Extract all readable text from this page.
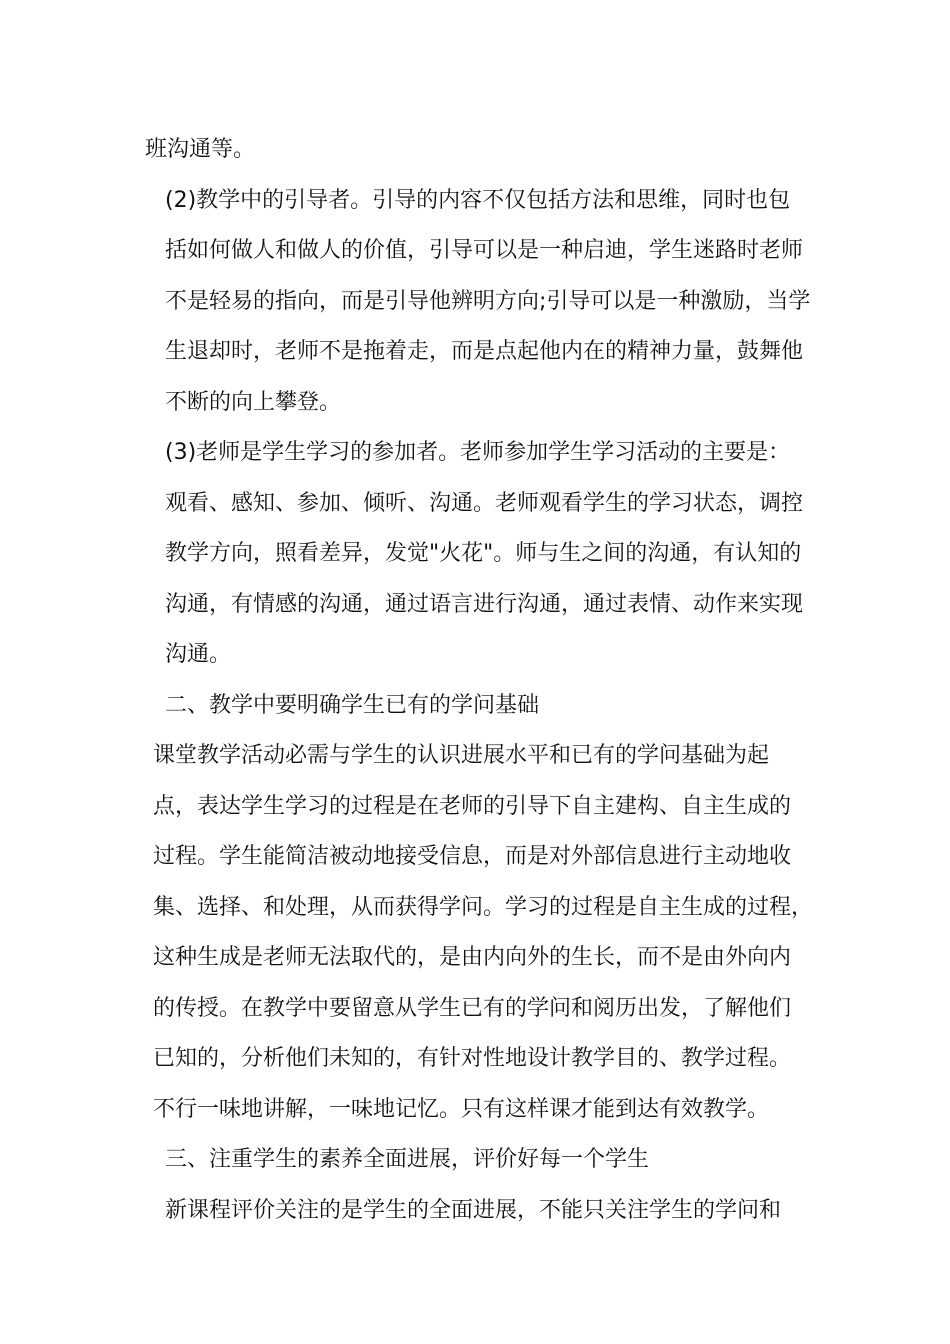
班沟通等。
(2)教学中的引导者。引导的内容不仅包括方法和思维，同时也包
括如何做人和做人的价值，引导可以是一种启迪，学生迷路时老师
不是轻易的指向，而是引导他辨明方向;引导可以是一种激励，当学
生退却时，老师不是拖着走，而是点起他内在的精神力量，鼓舞他
不断的向上攀登。
(3)老师是学生学习的参加者。老师参加学生学习活动的主要是：
观看、感知、参加、倾听、沟通。老师观看学生的学习状态，调控
教学方向，照看差异，发觉"火花"。师与生之间的沟通，有认知的
沟通，有情感的沟通，通过语言进行沟通，通过表情、动作来实现
沟通。
二、教学中要明确学生已有的学问基础
课堂教学活动必需与学生的认识进展水平和已有的学问基础为起
点，表达学生学习的过程是在老师的引导下自主建构、自主生成的
过程。学生能简洁被动地接受信息，而是对外部信息进行主动地收
集、选择、和处理，从而获得学问。学习的过程是自主生成的过程，
这种生成是老师无法取代的，是由内向外的生长，而不是由外向内
的传授。在教学中要留意从学生已有的学问和阅历出发，了解他们
已知的，分析他们未知的，有针对性地设计教学目的、教学过程。
不行一味地讲解，一味地记忆。只有这样课才能到达有效教学。
三、注重学生的素养全面进展，评价好每一个学生
新课程评价关注的是学生的全面进展，不能只关注学生的学问和
